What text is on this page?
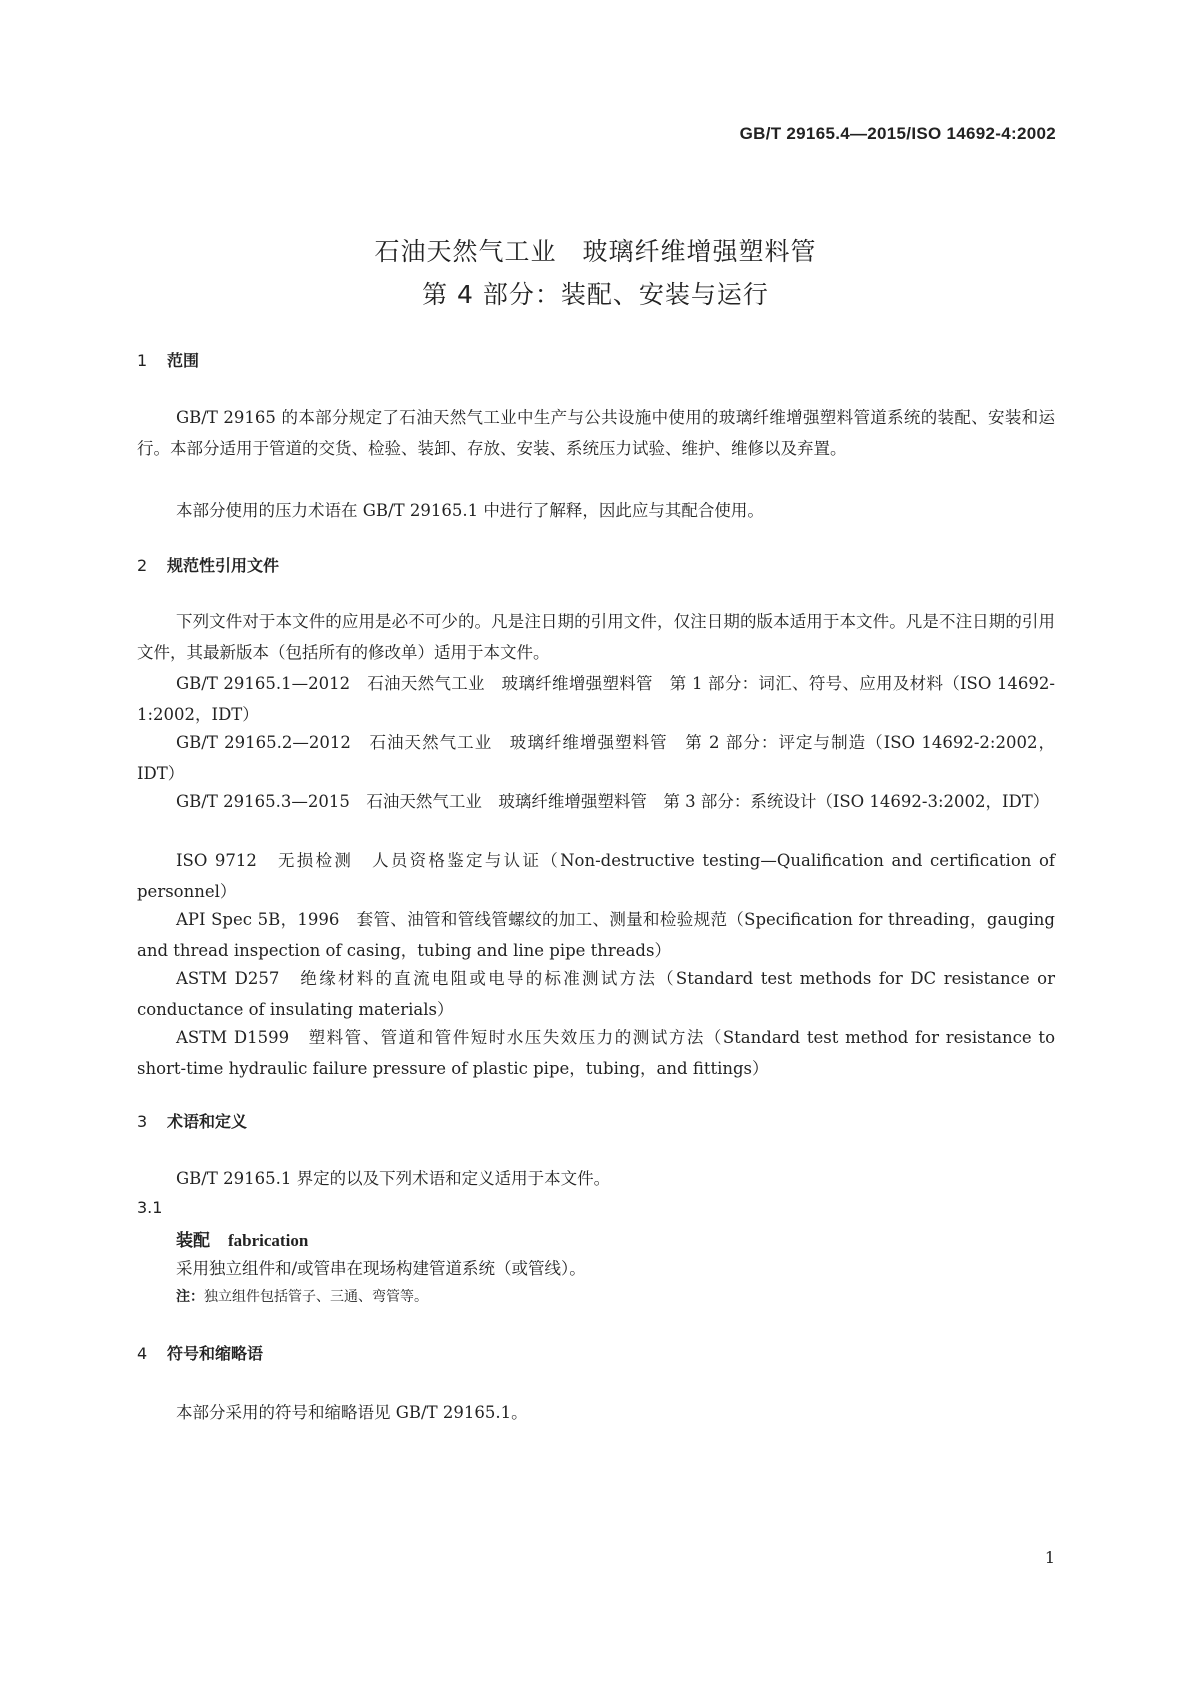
GB/T 29165.4—2015/ISO 14692-4:2002
石油天然气工业　玻璃纤维增强塑料管
第 4 部分：装配、安装与运行
1 范围

GB/T 29165 的本部分规定了石油天然气工业中生产与公共设施中使用的玻璃纤维增强塑料管道系统的装配、安装和运行。本部分适用于管道的交货、检验、装卸、存放、安装、系统压力试验、维护、维修以及弃置。

本部分使用的压力术语在 GB/T 29165.1 中进行了解释，因此应与其配合使用。

2 规范性引用文件

下列文件对于本文件的应用是必不可少的。凡是注日期的引用文件，仅注日期的版本适用于本文件。凡是不注日期的引用文件，其最新版本（包括所有的修改单）适用于本文件。

GB/T 29165.1—2012　石油天然气工业　玻璃纤维增强塑料管　第 1 部分：词汇、符号、应用及材料（ISO 14692-1:2002，IDT）

GB/T 29165.2—2012　石油天然气工业　玻璃纤维增强塑料管　第 2 部分：评定与制造（ISO 14692-2:2002，IDT）

GB/T 29165.3—2015　石油天然气工业　玻璃纤维增强塑料管　第 3 部分：系统设计（ISO 14692-3:2002，IDT）

ISO 9712　无损检测　人员资格鉴定与认证（Non-destructive testing—Qualification and certification of personnel）

API Spec 5B，1996　套管、油管和管线管螺纹的加工、测量和检验规范（Specification for threading，gauging and thread inspection of casing，tubing and line pipe threads）

ASTM D257　绝缘材料的直流电阻或电导的标准测试方法（Standard test methods for DC resistance or conductance of insulating materials）

ASTM D1599　塑料管、管道和管件短时水压失效压力的测试方法（Standard test method for resistance to short-time hydraulic failure pressure of plastic pipe，tubing，and fittings）

3 术语和定义

GB/T 29165.1 界定的以及下列术语和定义适用于本文件。

3.1
装配 fabrication
采用独立组件和/或管串在现场构建管道系统（或管线）。
注：独立组件包括管子、三通、弯管等。
4 符号和缩略语

本部分采用的符号和缩略语见 GB/T 29165.1。

1
